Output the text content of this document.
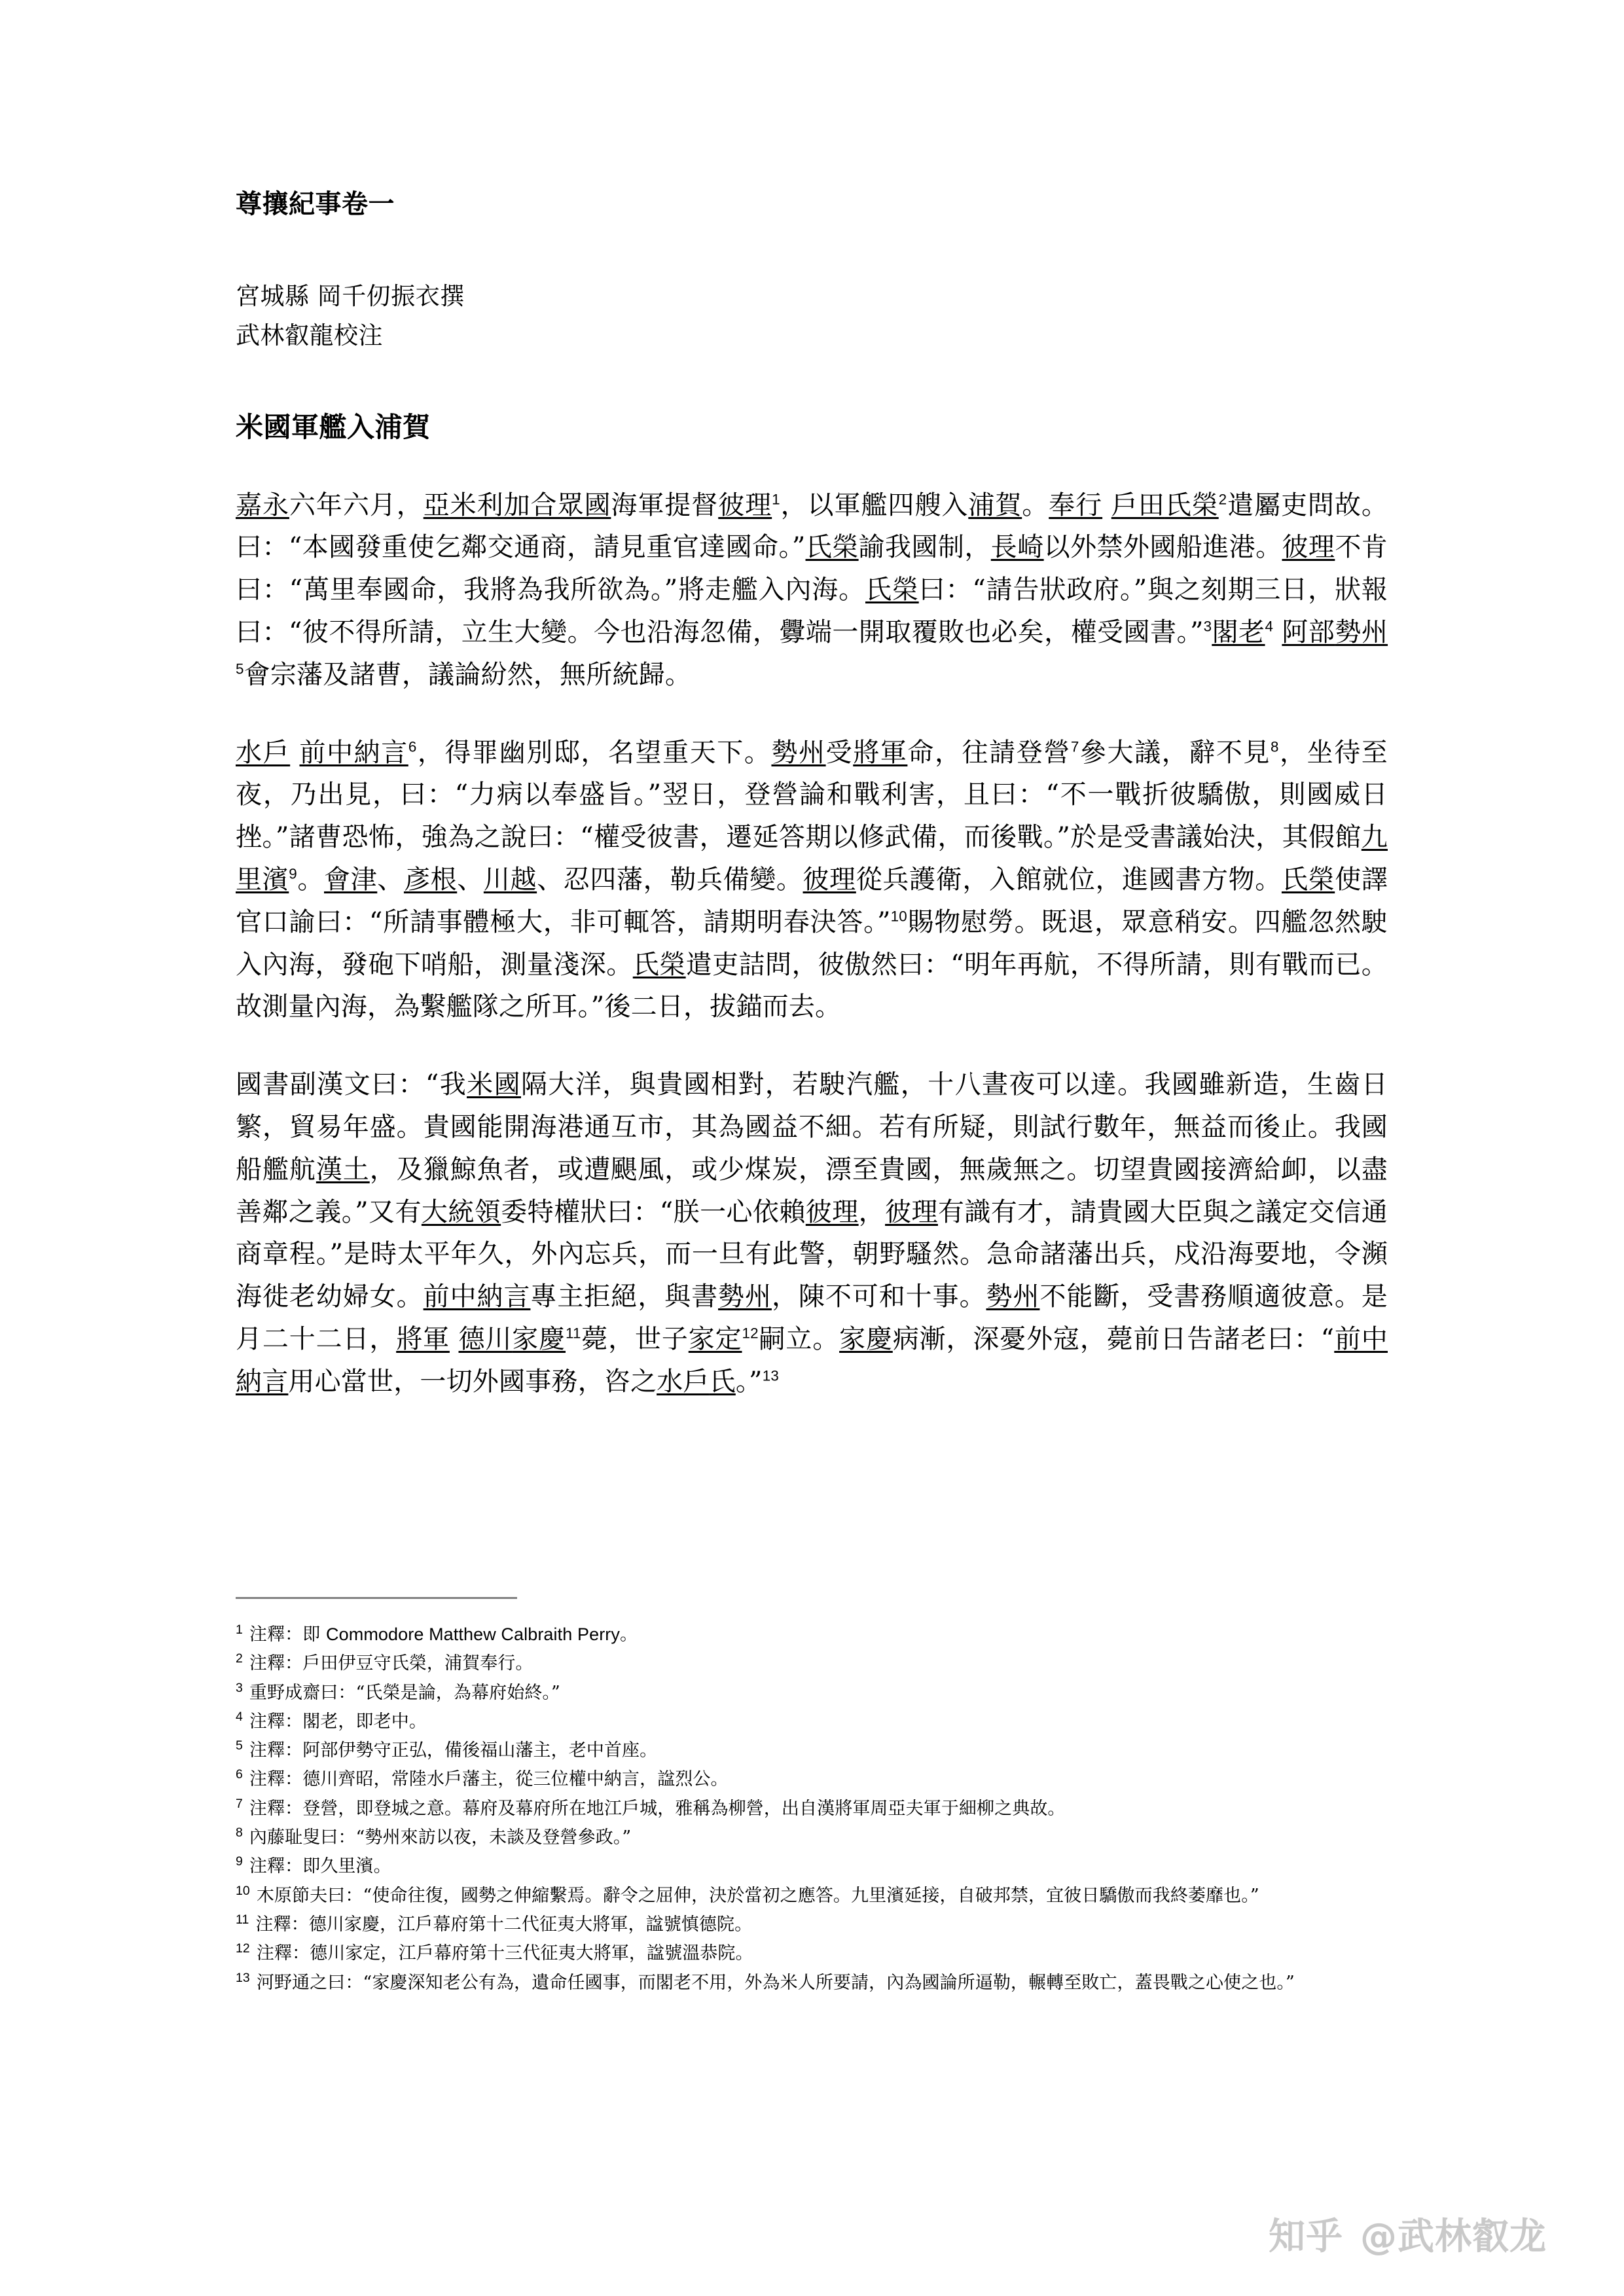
尊攘紀事卷一
宮城縣 岡千仞振衣撰
武林叡龍校注
米國軍艦入浦賀

嘉永六年六月，亞米利加合眾國海軍提督彼理$^1$，以軍艦四艘入浦賀。奉行 戶田氏榮$^2$遣屬吏問故。曰：“本國發重使乞鄰交通商，請見重官達國命。”氏榮諭我國制，長崎以外禁外國船進港。彼理不肯曰：“萬里奉國命，我將為我所欲為。”將走艦入內海。氏榮曰：“請告狀政府。”與之刻期三日，狀報曰：“彼不得所請，立生大變。今也沿海忽備，釁端一開取覆敗也必矣，權受國書。”$^3$閣老$^4$ 阿部勢州$^5$會宗藩及諸曹，議論紛然，無所統歸。

水戶 前中納言$^6$，得罪幽別邸，名望重天下。勢州受將軍命，往請登營$^7$參大議，辭不見$^8$，坐待至夜，乃出見，曰：“力病以奉盛旨。”翌日，登營論和戰利害，且曰：“不一戰折彼驕傲，則國威日挫。”諸曹恐怖，強為之說曰：“權受彼書，遷延答期以修武備，而後戰。”於是受書議始決，其假館九里濱$^9$。會津、彥根、川越、忍四藩，勒兵備變。彼理從兵護衛，入館就位，進國書方物。氏榮使譯官口諭曰：“所請事體極大，非可輒答，請期明春決答。”$^{10}$賜物慰勞。既退，眾意稍安。四艦忽然駛入內海，發砲下哨船，測量淺深。氏榮遣吏詰問，彼傲然曰：“明年再航，不得所請，則有戰而已。故測量內海，為繫艦隊之所耳。”後二日，拔錨而去。

國書副漢文曰：“我米國隔大洋，與貴國相對，若駛汽艦，十八晝夜可以達。我國雖新造，生齒日繁，貿易年盛。貴國能開海港通互市，其為國益不細。若有所疑，則試行數年，無益而後止。我國船艦航漢土，及獵鯨魚者，或遭颶風，或少煤炭，漂至貴國，無歲無之。切望貴國接濟給卹，以盡善鄰之義。”又有大統領委特權狀曰：“朕一心依賴彼理，彼理有識有才，請貴國大臣與之議定交信通商章程。”是時太平年久，外內忘兵，而一旦有此警，朝野騷然。急命諸藩出兵，戍沿海要地，令瀕海徙老幼婦女。前中納言專主拒絕，與書勢州，陳不可和十事。勢州不能斷，受書務順適彼意。是月二十二日，將軍 德川家慶$^{11}$薨，世子家定$^{12}$嗣立。家慶病漸，深憂外寇，薨前日告諸老曰：“前中納言用心當世，一切外國事務，咨之水戶氏。”$^{13}$

$^1$ 注釋：即 Commodore Matthew Calbraith Perry。

$^2$ 注釋：戶田伊豆守氏榮，浦賀奉行。

$^3$ 重野成齋曰：“氏榮是論，為幕府始終。”

$^4$ 注釋：閣老，即老中。

$^5$ 注釋：阿部伊勢守正弘，備後福山藩主，老中首座。

$^6$ 注釋：德川齊昭，常陸水戶藩主，從三位權中納言，諡烈公。

$^7$ 注釋：登營，即登城之意。幕府及幕府所在地江戶城，雅稱為柳營，出自漢將軍周亞夫軍于細柳之典故。

$^8$ 內藤耻叟曰：“勢州來訪以夜，未談及登營參政。”

$^9$ 注釋：即久里濱。

$^{10}$ 木原節夫曰：“使命往復，國勢之伸縮繫焉。辭令之屈伸，決於當初之應答。九里濱延接，自破邦禁，宜彼日驕傲而我終萎靡也。”

$^{11}$ 注釋：德川家慶，江戶幕府第十二代征夷大將軍，諡號慎德院。

$^{12}$ 注釋：德川家定，江戶幕府第十三代征夷大將軍，諡號溫恭院。

$^{13}$ 河野通之曰：“家慶深知老公有為，遺命任國事，而閣老不用，外為米人所要請，內為國論所逼勒，輾轉至敗亡，蓋畏戰之心使之也。”

知乎 @武林叡龙
